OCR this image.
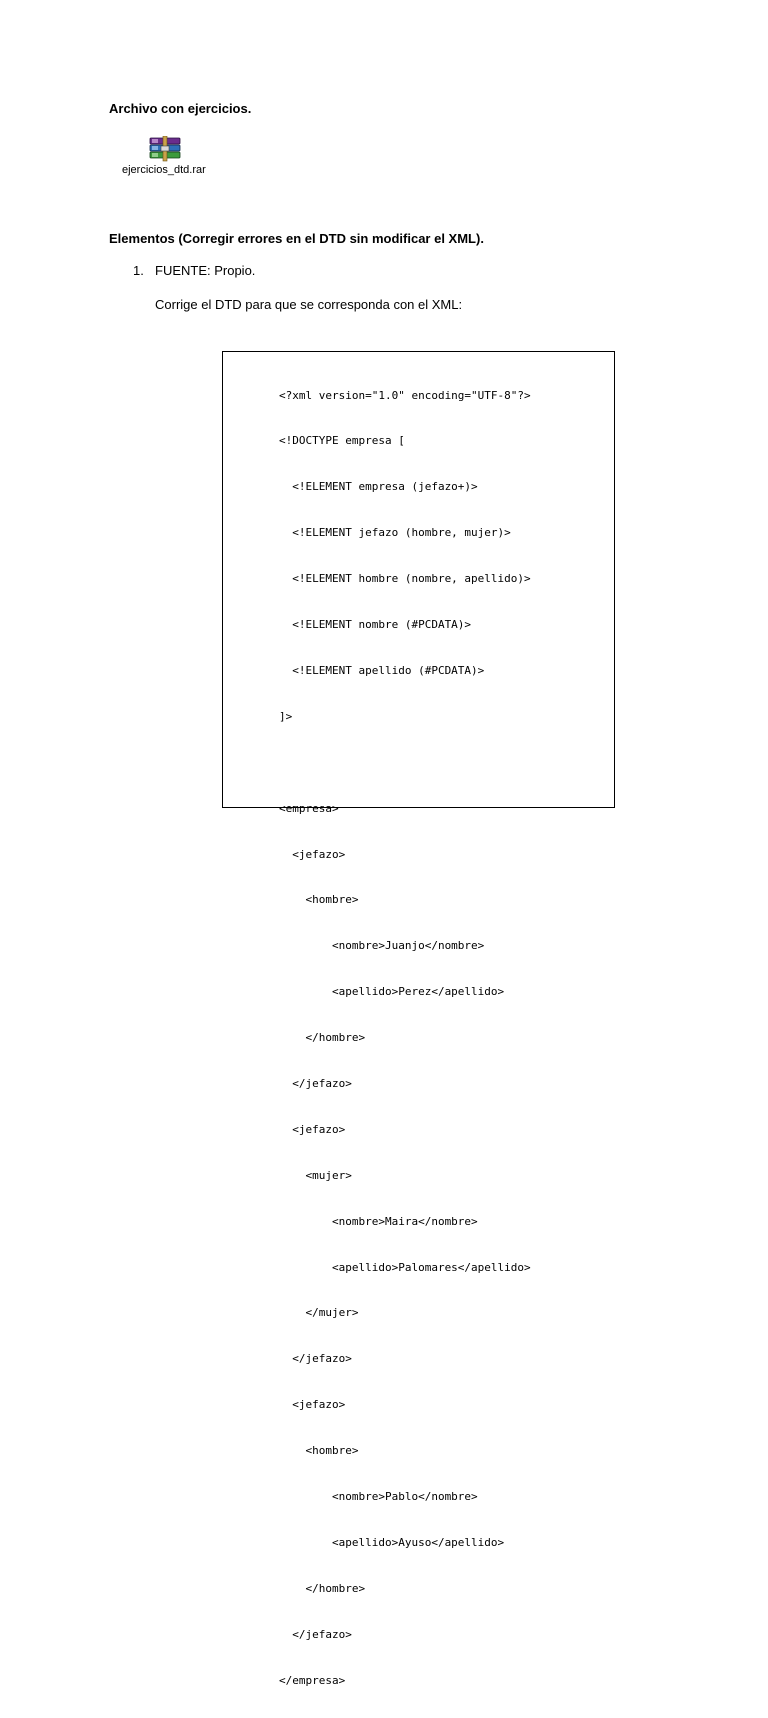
Archivo con ejercicios.
ejercicios_dtd.rar
Elementos (Corregir errores en el DTD sin modificar el XML).
1. FUENTE: Propio.
Corrige el DTD para que se corresponda con el XML:

<?xml version="1.0" encoding="UTF-8"?>

<!DOCTYPE empresa [

<!ELEMENT empresa (jefazo+)>

<!ELEMENT jefazo (hombre, mujer)>

<!ELEMENT hombre (nombre, apellido)>

<!ELEMENT nombre (#PCDATA)>

<!ELEMENT apellido (#PCDATA)>

]>

<empresa>

<jefazo>

<hombre>

<nombre>Juanjo</nombre>

<apellido>Perez</apellido>

</hombre>

</jefazo>

<jefazo>

<mujer>

<nombre>Maira</nombre>

<apellido>Palomares</apellido>

</mujer>

</jefazo>

<jefazo>

<hombre>

<nombre>Pablo</nombre>

<apellido>Ayuso</apellido>

</hombre>

</jefazo>

</empresa>
